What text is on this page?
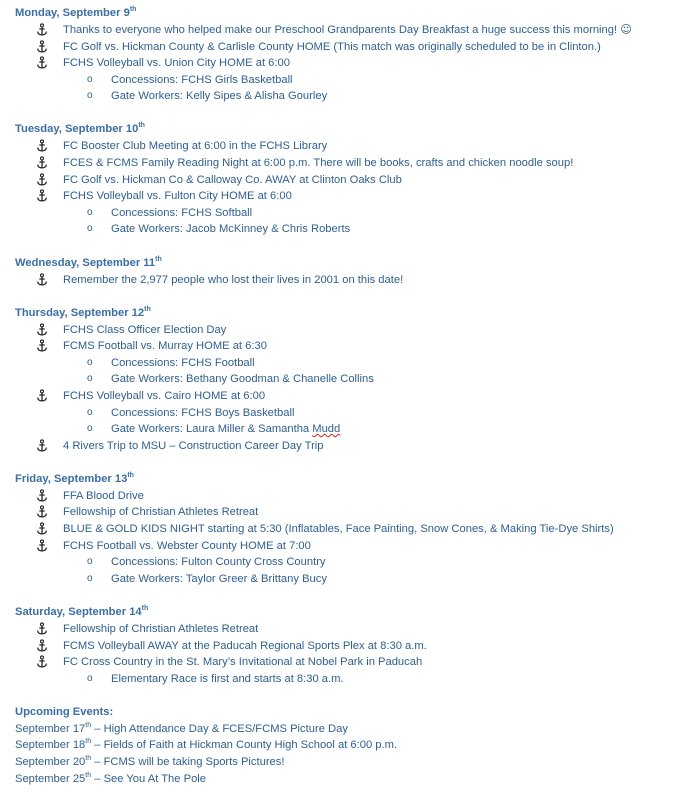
Monday, September 9th
Thanks to everyone who helped make our Preschool Grandparents Day Breakfast a huge success this morning! ☺
FC Golf vs. Hickman County & Carlisle County HOME (This match was originally scheduled to be in Clinton.)
FCHS Volleyball vs. Union City HOME at 6:00
o Concessions: FCHS Girls Basketball
o Gate Workers: Kelly Sipes & Alisha Gourley
Tuesday, September 10th
FC Booster Club Meeting at 6:00 in the FCHS Library
FCES & FCMS Family Reading Night at 6:00 p.m. There will be books, crafts and chicken noodle soup!
FC Golf vs. Hickman Co & Calloway Co. AWAY at Clinton Oaks Club
FCHS Volleyball vs. Fulton City HOME at 6:00
o Concessions: FCHS Softball
o Gate Workers: Jacob McKinney & Chris Roberts
Wednesday, September 11th
Remember the 2,977 people who lost their lives in 2001 on this date!
Thursday, September 12th
FCHS Class Officer Election Day
FCMS Football vs. Murray HOME at 6:30
o Concessions: FCHS Football
o Gate Workers: Bethany Goodman & Chanelle Collins
FCHS Volleyball vs. Cairo HOME at 6:00
o Concessions: FCHS Boys Basketball
o Gate Workers: Laura Miller & Samantha Mudd
4 Rivers Trip to MSU – Construction Career Day Trip
Friday, September 13th
FFA Blood Drive
Fellowship of Christian Athletes Retreat
BLUE & GOLD KIDS NIGHT starting at 5:30 (Inflatables, Face Painting, Snow Cones, & Making Tie-Dye Shirts)
FCHS Football vs. Webster County HOME at 7:00
o Concessions: Fulton County Cross Country
o Gate Workers: Taylor Greer & Brittany Bucy
Saturday, September 14th
Fellowship of Christian Athletes Retreat
FCMS Volleyball AWAY at the Paducah Regional Sports Plex at 8:30 a.m.
FC Cross Country in the St. Mary’s Invitational at Nobel Park in Paducah
o Elementary Race is first and starts at 8:30 a.m.
Upcoming Events:
September 17th – High Attendance Day & FCES/FCMS Picture Day
September 18th – Fields of Faith at Hickman County High School at 6:00 p.m.
September 20th – FCMS will be taking Sports Pictures!
September 25th – See You At The Pole
